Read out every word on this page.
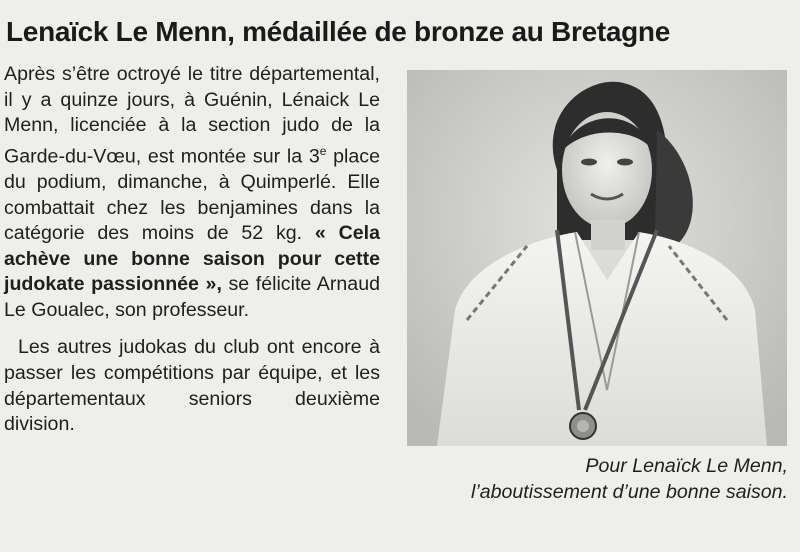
Lenaïck Le Menn, médaillée de bronze au Bretagne

Après s’être octroyé le titre départemental, il y a quinze jours, à Guénin, Lénaick Le Menn, licenciée à la section judo de la Garde-du-Vœu, est montée sur la 3e place du podium, dimanche, à Quimperlé. Elle combattait chez les benjamines dans la catégorie des moins de 52 kg. « Cela achève une bonne saison pour cette judokate passionnée », se félicite Arnaud Le Goualec, son professeur.

Les autres judokas du club ont encore à passer les compétitions par équipe, et les départementaux seniors deuxième division.

Pour Lenaïck Le Menn,
l’aboutissement d’une bonne saison.
